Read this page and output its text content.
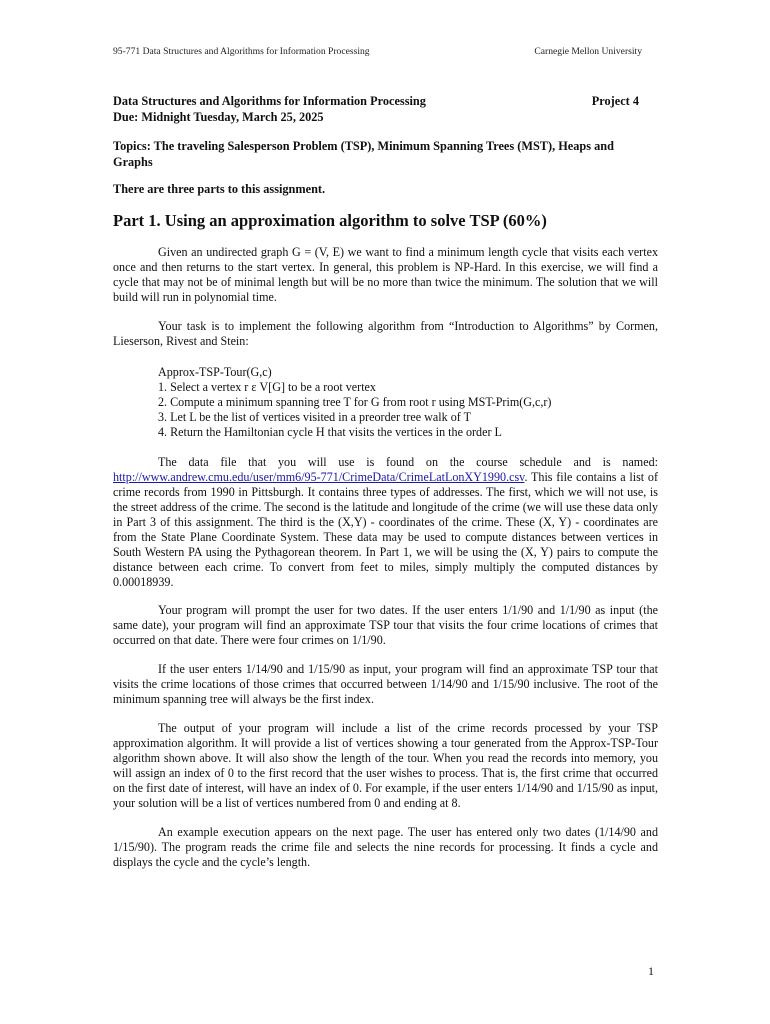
95-771 Data Structures and Algorithms for Information Processing	Carnegie Mellon University
Data Structures and Algorithms for Information Processing	Project 4
Due: Midnight Tuesday, March 25, 2025
Topics: The traveling Salesperson Problem (TSP), Minimum Spanning Trees (MST), Heaps and Graphs
There are three parts to this assignment.
Part 1. Using an approximation algorithm to solve TSP (60%)
Given an undirected graph G = (V, E) we want to find a minimum length cycle that visits each vertex once and then returns to the start vertex. In general, this problem is NP-Hard. In this exercise, we will find a cycle that may not be of minimal length but will be no more than twice the minimum. The solution that we will build will run in polynomial time.
Your task is to implement the following algorithm from “Introduction to Algorithms” by Cormen, Lieserson, Rivest and Stein:
Approx-TSP-Tour(G,c)
1. Select a vertex r ε V[G] to be a root vertex
2. Compute a minimum spanning tree T for G from root r using MST-Prim(G,c,r)
3. Let L be the list of vertices visited in a preorder tree walk of T
4. Return the Hamiltonian cycle H that visits the vertices in the order L
The data file that you will use is found on the course schedule and is named: http://www.andrew.cmu.edu/user/mm6/95-771/CrimeData/CrimeLatLonXY1990.csv. This file contains a list of crime records from 1990 in Pittsburgh. It contains three types of addresses. The first, which we will not use, is the street address of the crime. The second is the latitude and longitude of the crime (we will use these data only in Part 3 of this assignment. The third is the (X,Y) - coordinates of the crime. These (X, Y) - coordinates are from the State Plane Coordinate System. These data may be used to compute distances between vertices in South Western PA using the Pythagorean theorem. In Part 1, we will be using the (X, Y) pairs to compute the distance between each crime. To convert from feet to miles, simply multiply the computed distances by 0.00018939.
Your program will prompt the user for two dates. If the user enters 1/1/90 and 1/1/90 as input (the same date), your program will find an approximate TSP tour that visits the four crime locations of crimes that occurred on that date. There were four crimes on 1/1/90.
If the user enters 1/14/90 and 1/15/90 as input, your program will find an approximate TSP tour that visits the crime locations of those crimes that occurred between 1/14/90 and 1/15/90 inclusive. The root of the minimum spanning tree will always be the first index.
The output of your program will include a list of the crime records processed by your TSP approximation algorithm. It will provide a list of vertices showing a tour generated from the Approx-TSP-Tour algorithm shown above. It will also show the length of the tour. When you read the records into memory, you will assign an index of 0 to the first record that the user wishes to process. That is, the first crime that occurred on the first date of interest, will have an index of 0. For example, if the user enters 1/14/90 and 1/15/90 as input, your solution will be a list of vertices numbered from 0 and ending at 8.
An example execution appears on the next page. The user has entered only two dates (1/14/90 and 1/15/90). The program reads the crime file and selects the nine records for processing. It finds a cycle and displays the cycle and the cycle’s length.
1
